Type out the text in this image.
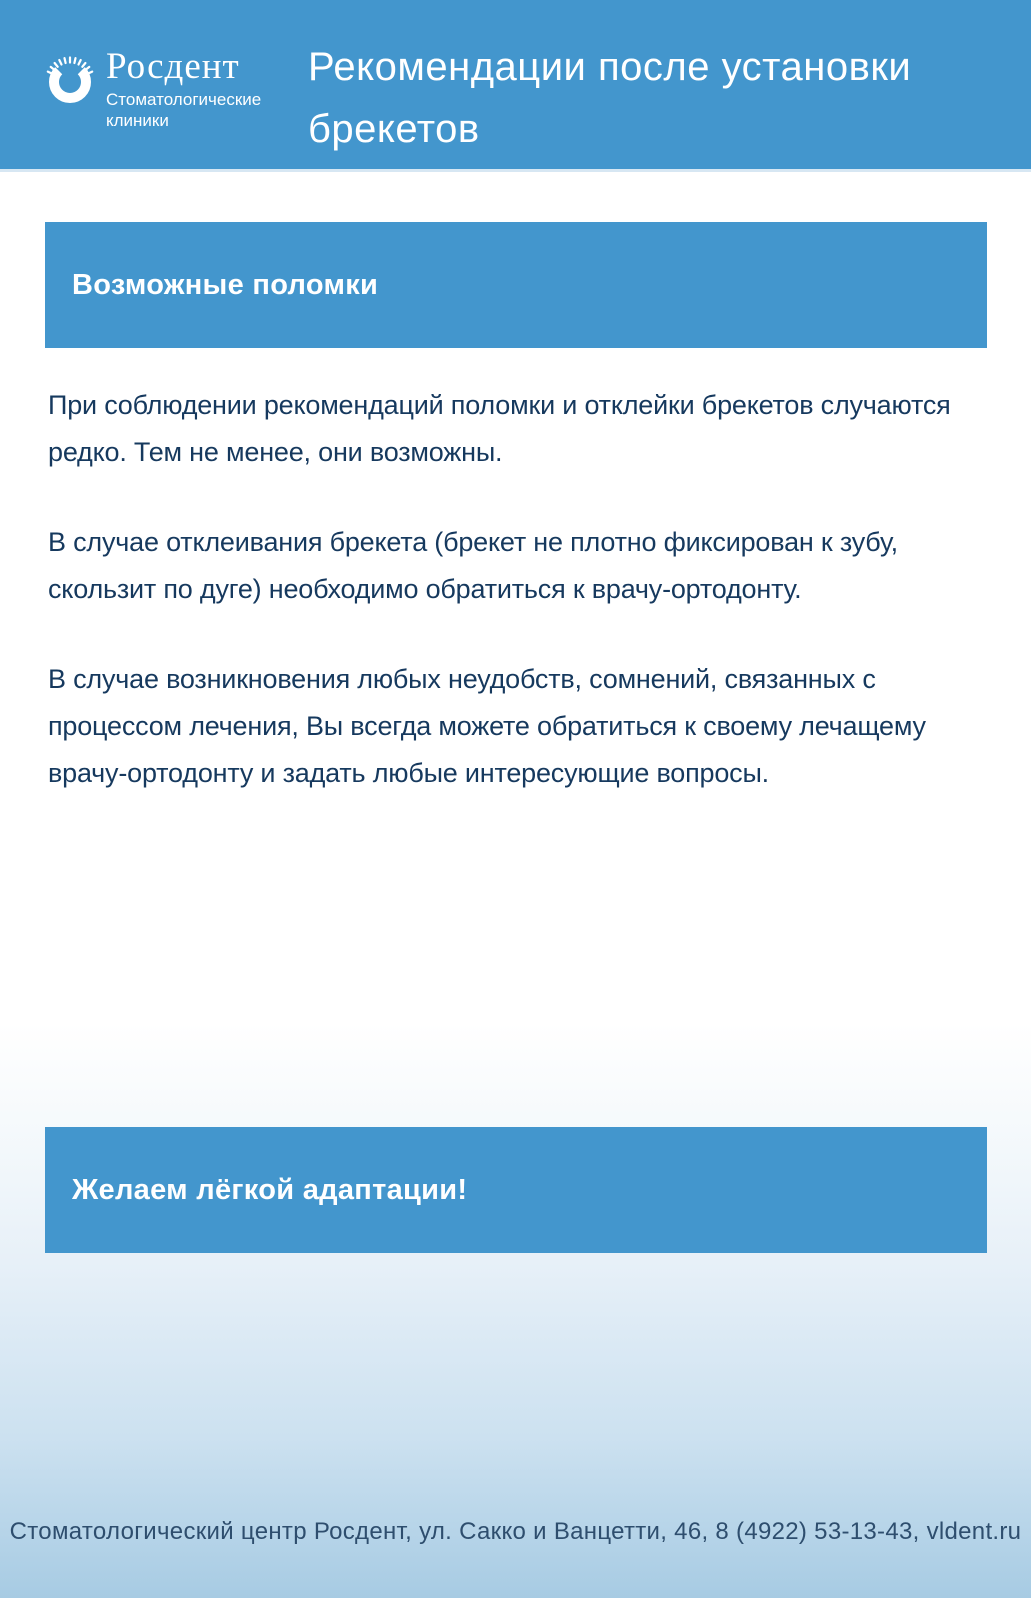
Росдент
Стоматологические клиники
Рекомендации после установки брекетов
Возможные поломки

При соблюдении рекомендаций поломки и отклейки брекетов случаются редко. Тем не менее, они возможны.

В случае отклеивания брекета (брекет не плотно фиксирован к зубу, скользит по дуге) необходимо обратиться к врачу-ортодонту.

В случае возникновения любых неудобств, сомнений, связанных с процессом лечения, Вы всегда можете обратиться к своему лечащему врачу-ортодонту и задать любые интересующие вопросы.

Желаем лёгкой адаптации!
Стоматологический центр Росдент, ул. Сакко и Ванцетти, 46, 8 (4922) 53-13-43, vldent.ru
